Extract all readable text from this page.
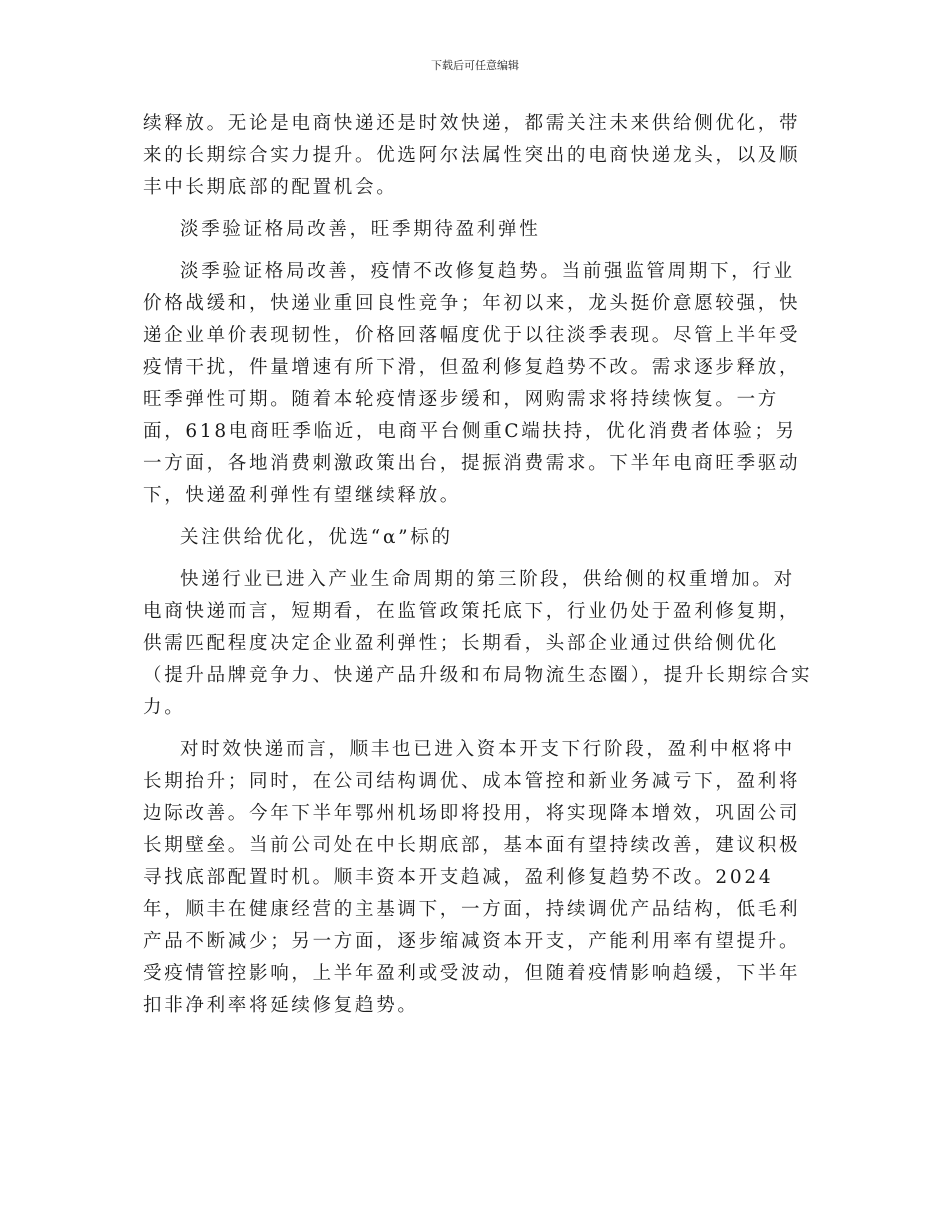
下载后可任意编辑

续释放。无论是电商快递还是时效快递，都需关注未来供给侧优化，带来的长期综合实力提升。优选阿尔法属性突出的电商快递龙头，以及顺丰中长期底部的配置机会。

淡季验证格局改善，旺季期待盈利弹性

淡季验证格局改善，疫情不改修复趋势。当前强监管周期下，行业价格战缓和，快递业重回良性竞争；年初以来，龙头挺价意愿较强，快递企业单价表现韧性，价格回落幅度优于以往淡季表现。尽管上半年受疫情干扰，件量增速有所下滑，但盈利修复趋势不改。需求逐步释放，旺季弹性可期。随着本轮疫情逐步缓和，网购需求将持续恢复。一方面，618电商旺季临近，电商平台侧重C端扶持，优化消费者体验；另一方面，各地消费刺激政策出台，提振消费需求。下半年电商旺季驱动下，快递盈利弹性有望继续释放。

关注供给优化，优选“α”标的

快递行业已进入产业生命周期的第三阶段，供给侧的权重增加。对电商快递而言，短期看，在监管政策托底下，行业仍处于盈利修复期，供需匹配程度决定企业盈利弹性；长期看，头部企业通过供给侧优化（提升品牌竞争力、快递产品升级和布局物流生态圈），提升长期综合实力。

对时效快递而言，顺丰也已进入资本开支下行阶段，盈利中枢将中长期抬升；同时，在公司结构调优、成本管控和新业务减亏下，盈利将边际改善。今年下半年鄂州机场即将投用，将实现降本增效，巩固公司长期壁垒。当前公司处在中长期底部，基本面有望持续改善，建议积极寻找底部配置时机。顺丰资本开支趋减，盈利修复趋势不改。2024年，顺丰在健康经营的主基调下，一方面，持续调优产品结构，低毛利产品不断减少；另一方面，逐步缩减资本开支，产能利用率有望提升。受疫情管控影响，上半年盈利或受波动，但随着疫情影响趋缓，下半年扣非净利率将延续修复趋势。
